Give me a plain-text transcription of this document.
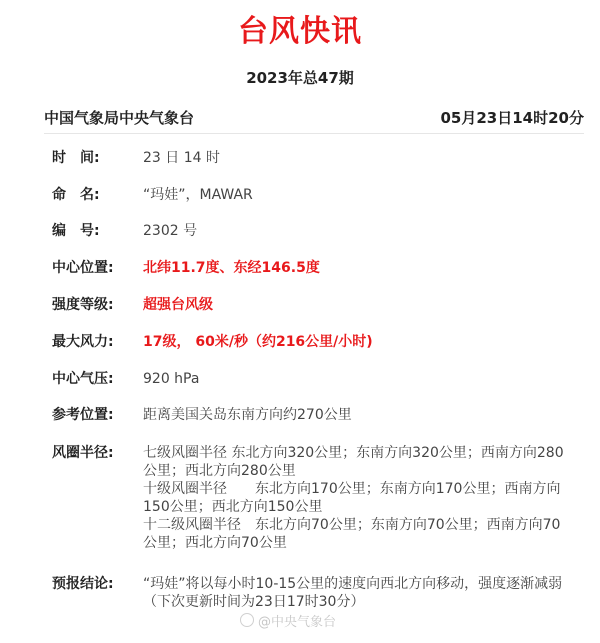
台风快讯
2023年总47期
中国气象局中央气象台	05月23日14时20分
时　间:	23 日 14 时
命　名:	“玛娃”，MAWAR
编　号:	2302 号
中心位置:	北纬11.7度、东经146.5度
强度等级:	超强台风级
最大风力:	17级， 60米/秒（约216公里/小时)
中心气压:	920 hPa
参考位置:	距离美国关岛东南方向约270公里
风圈半径:	七级风圈半径 东北方向320公里；东南方向320公里；西南方向280公里；西北方向280公里
十级风圈半径　　东北方向170公里；东南方向170公里；西南方向150公里；西北方向150公里
十二级风圈半径　东北方向70公里；东南方向70公里；西南方向70公里；西北方向70公里
预报结论:	“玛娃”将以每小时10-15公里的速度向西北方向移动，强度逐渐减弱
（下次更新时间为23日17时30分）
@中央气象台
